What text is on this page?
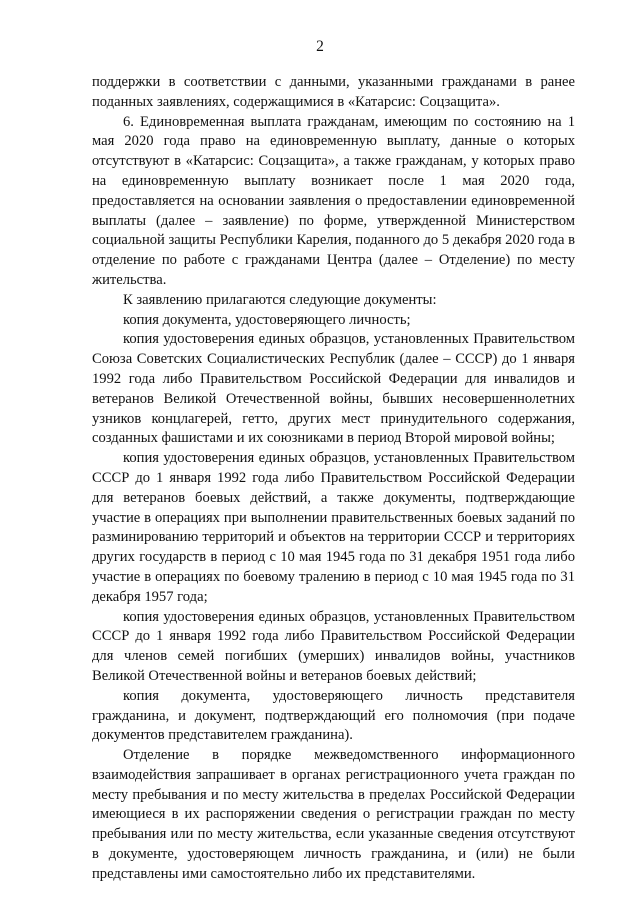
2

поддержки в соответствии с данными, указанными гражданами в ранее поданных заявлениях, содержащимися в «Катарсис: Соцзащита».

6. Единовременная выплата гражданам, имеющим по состоянию на 1 мая 2020 года право на единовременную выплату, данные о которых отсутствуют в «Катарсис: Соцзащита», а также гражданам, у которых право на единовременную выплату возникает после 1 мая 2020 года, предоставляется на основании заявления о предоставлении единовременной выплаты (далее – заявление) по форме, утвержденной Министерством социальной защиты Республики Карелия, поданного до 5 декабря 2020 года в отделение по работе с гражданами Центра (далее – Отделение) по месту жительства.

К заявлению прилагаются следующие документы:

копия документа, удостоверяющего личность;

копия удостоверения единых образцов, установленных Правительством Союза Советских Социалистических Республик (далее – СССР) до 1 января 1992 года либо Правительством Российской Федерации для инвалидов и ветеранов Великой Отечественной войны, бывших несовершеннолетних узников концлагерей, гетто, других мест принудительного содержания, созданных фашистами и их союзниками в период Второй мировой войны;

копия удостоверения единых образцов, установленных Правительством СССР до 1 января 1992 года либо Правительством Российской Федерации для ветеранов боевых действий, а также документы, подтверждающие участие в операциях при выполнении правительственных боевых заданий по разминированию территорий и объектов на территории СССР и территориях других государств в период с 10 мая 1945 года по 31 декабря 1951 года либо участие в операциях по боевому тралению в период с 10 мая 1945 года по 31 декабря 1957 года;

копия удостоверения единых образцов, установленных Правительством СССР до 1 января 1992 года либо Правительством Российской Федерации для членов семей погибших (умерших) инвалидов войны, участников Великой Отечественной войны и ветеранов боевых действий;

копия документа, удостоверяющего личность представителя гражданина, и документ, подтверждающий его полномочия (при подаче документов представителем гражданина).

Отделение в порядке межведомственного информационного взаимодействия запрашивает в органах регистрационного учета граждан по месту пребывания и по месту жительства в пределах Российской Федерации имеющиеся в их распоряжении сведения о регистрации граждан по месту пребывания или по месту жительства, если указанные сведения отсутствуют в документе, удостоверяющем личность гражданина, и (или) не были представлены ими самостоятельно либо их представителями.
